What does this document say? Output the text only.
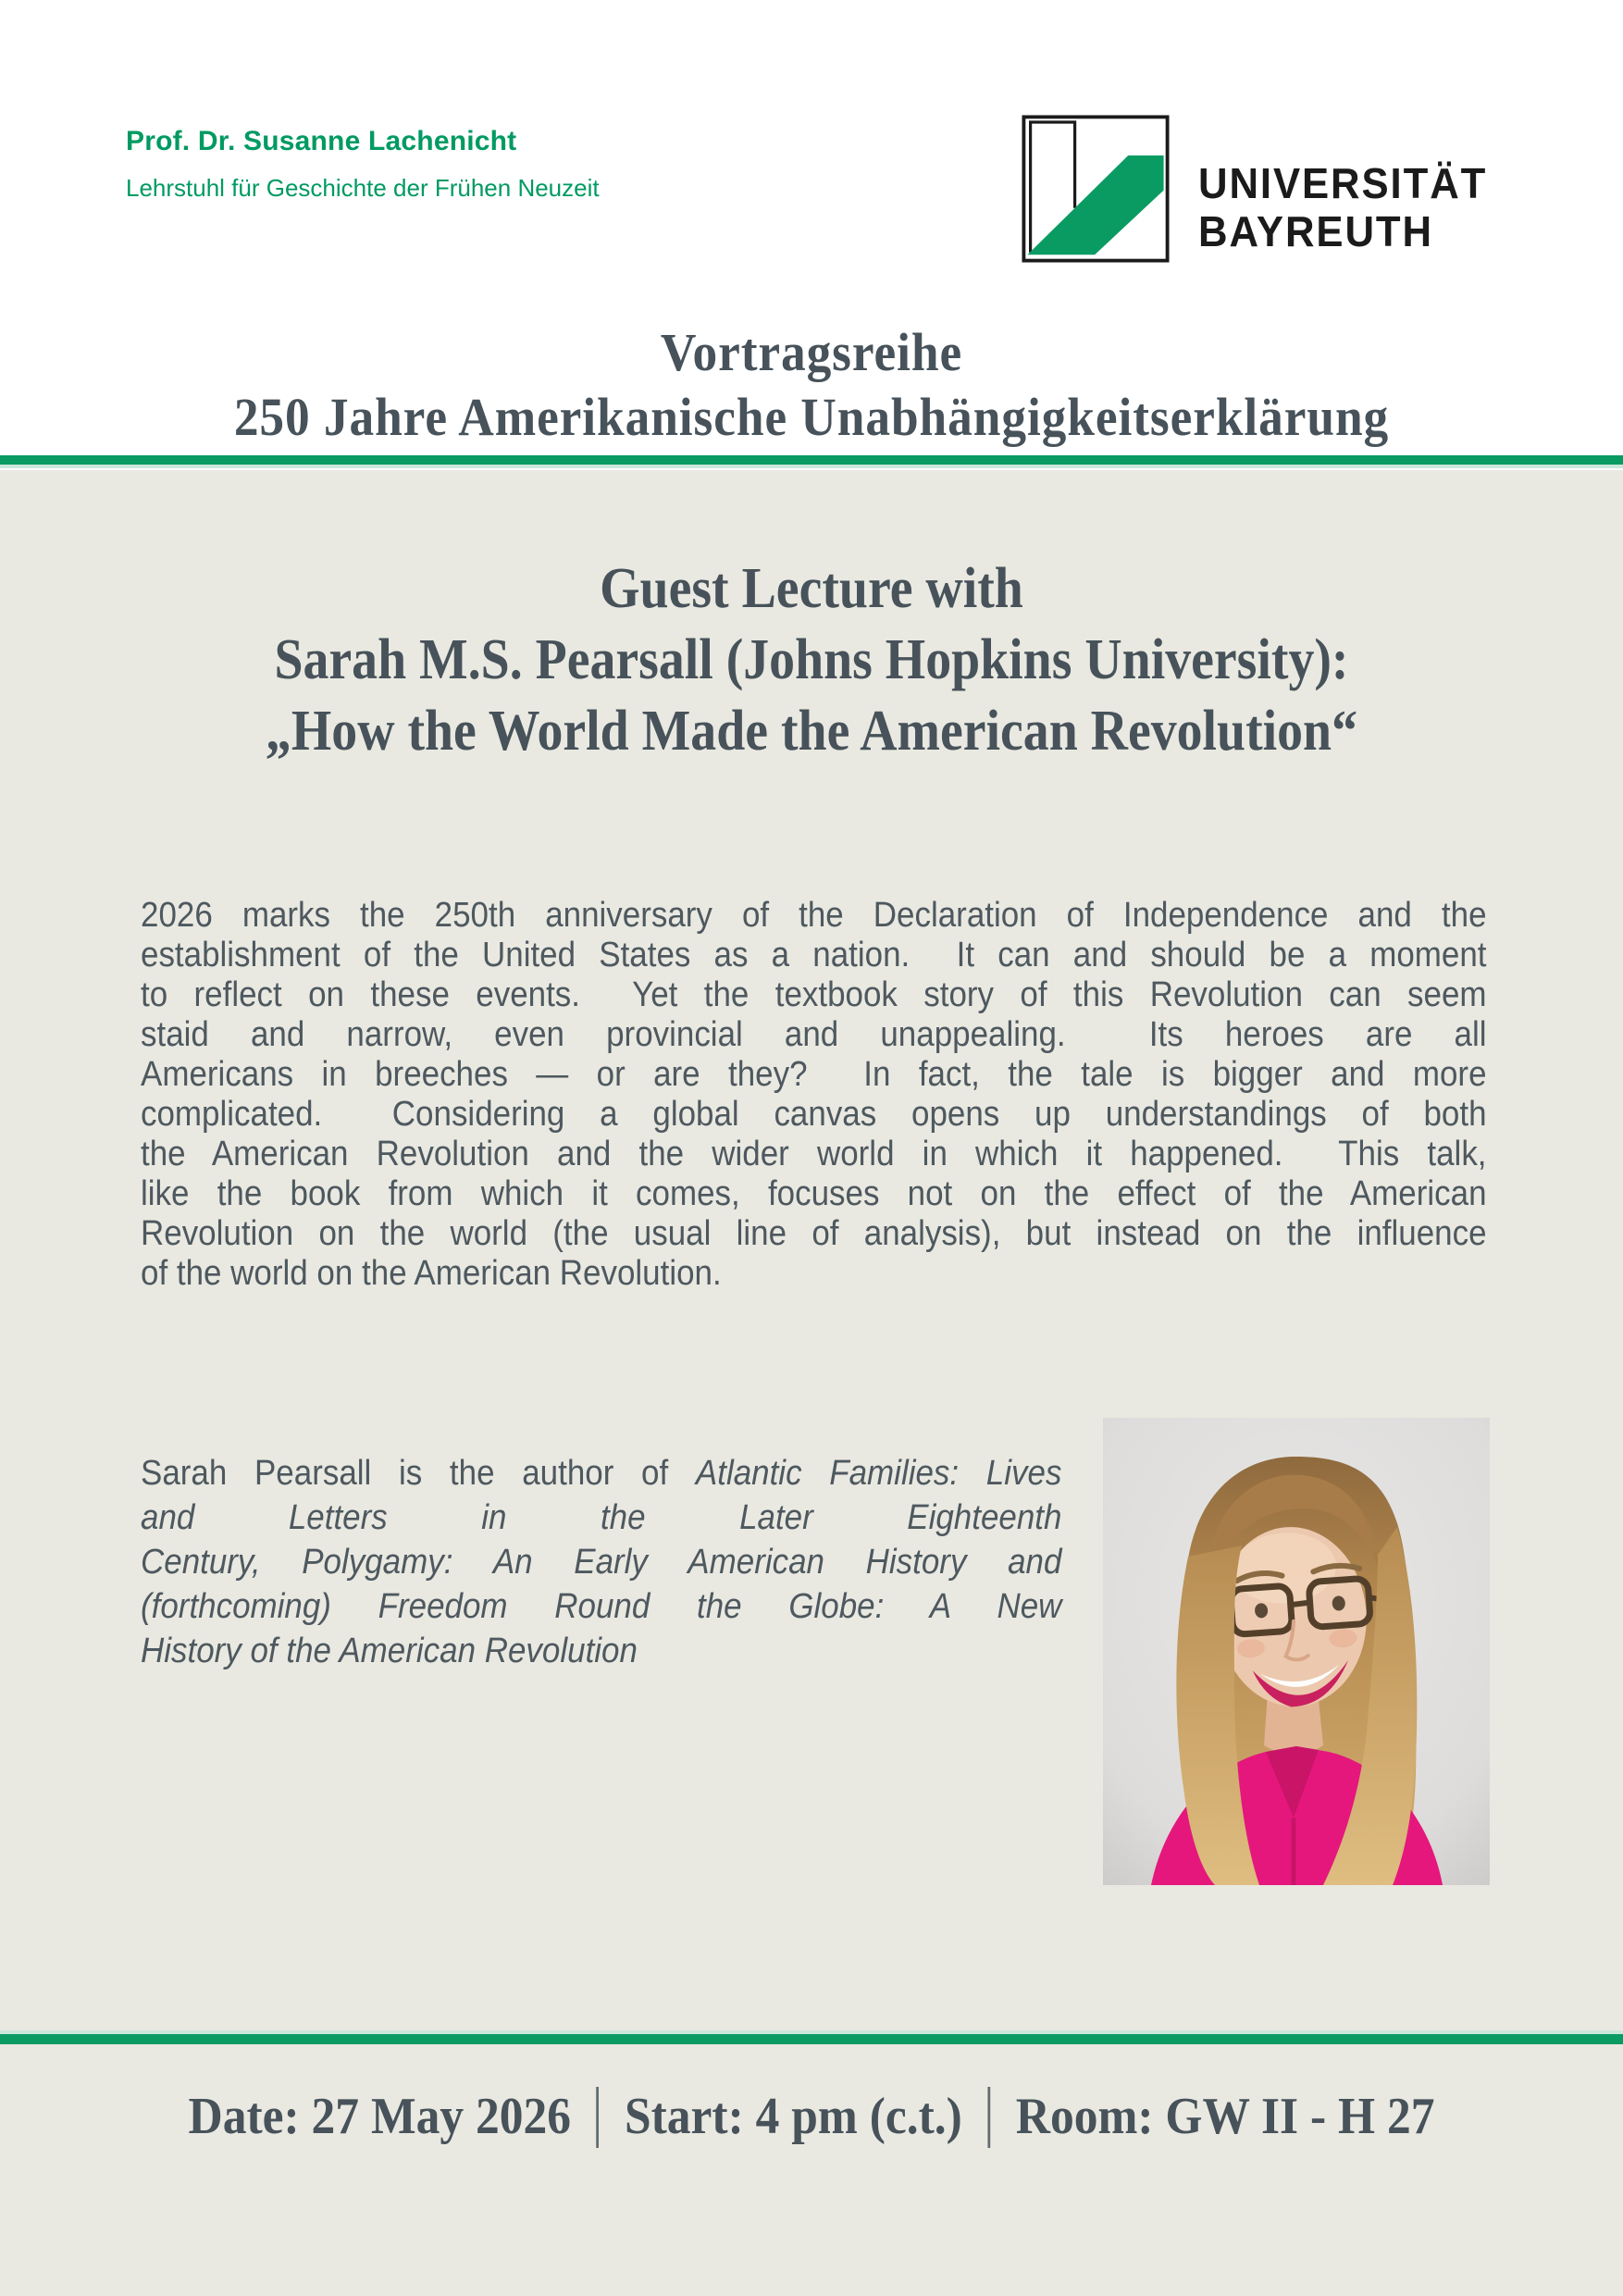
Prof. Dr. Susanne Lachenicht
Lehrstuhl für Geschichte der Frühen Neuzeit	UNIVERSITÄT
BAYREUTH
Vortragsreihe
250 Jahre Amerikanische Unabhängigkeitserklärung
Guest Lecture with
Sarah M.S. Pearsall (Johns Hopkins University):
„How the World Made the American Revolution“
2026 marks the 250th anniversary of the Declaration of Independence and the
establishment of the United States as a nation.  It can and should be a moment
to reflect on these events.  Yet the textbook story of this Revolution can seem
staid and narrow, even provincial and unappealing.  Its heroes are all
Americans in breeches — or are they?  In fact, the tale is bigger and more
complicated.  Considering a global canvas opens up understandings of both
the American Revolution and the wider world in which it happened.  This talk,
like the book from which it comes, focuses not on the effect of the American
Revolution on the world (the usual line of analysis), but instead on the influence
of the world on the American Revolution.
Sarah Pearsall is the author of Atlantic Families: Lives
and Letters in the Later Eighteenth
Century, Polygamy: An Early American History and
(forthcoming) Freedom Round the Globe: A New
History of the American Revolution
Date: 27 May 2026 Start: 4 pm (c.t.) Room: GW II - H 27
